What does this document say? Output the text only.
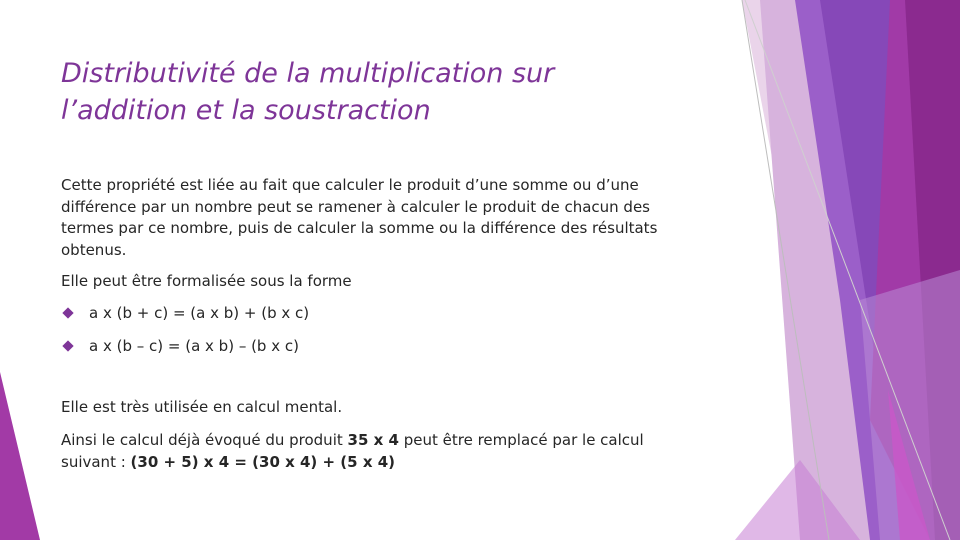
Distributivité de la multiplication sur
l’addition et la soustraction

Cette propriété est liée au fait que calculer le produit d’une somme ou d’une
différence par un nombre peut se ramener à calculer le produit de chacun des
termes par ce nombre, puis de calculer la somme ou la différence des résultats
obtenus.

Elle peut être formalisée sous la forme

a x (b + c) = (a x b) + (b x c)
a x (b – c) = (a x b) – (b x c)

Elle est très utilisée en calcul mental.

Ainsi le calcul déjà évoqué du produit 35 x 4 peut être remplacé par le calcul
suivant : (30 + 5) x 4 = (30 x 4) + (5 x 4)
